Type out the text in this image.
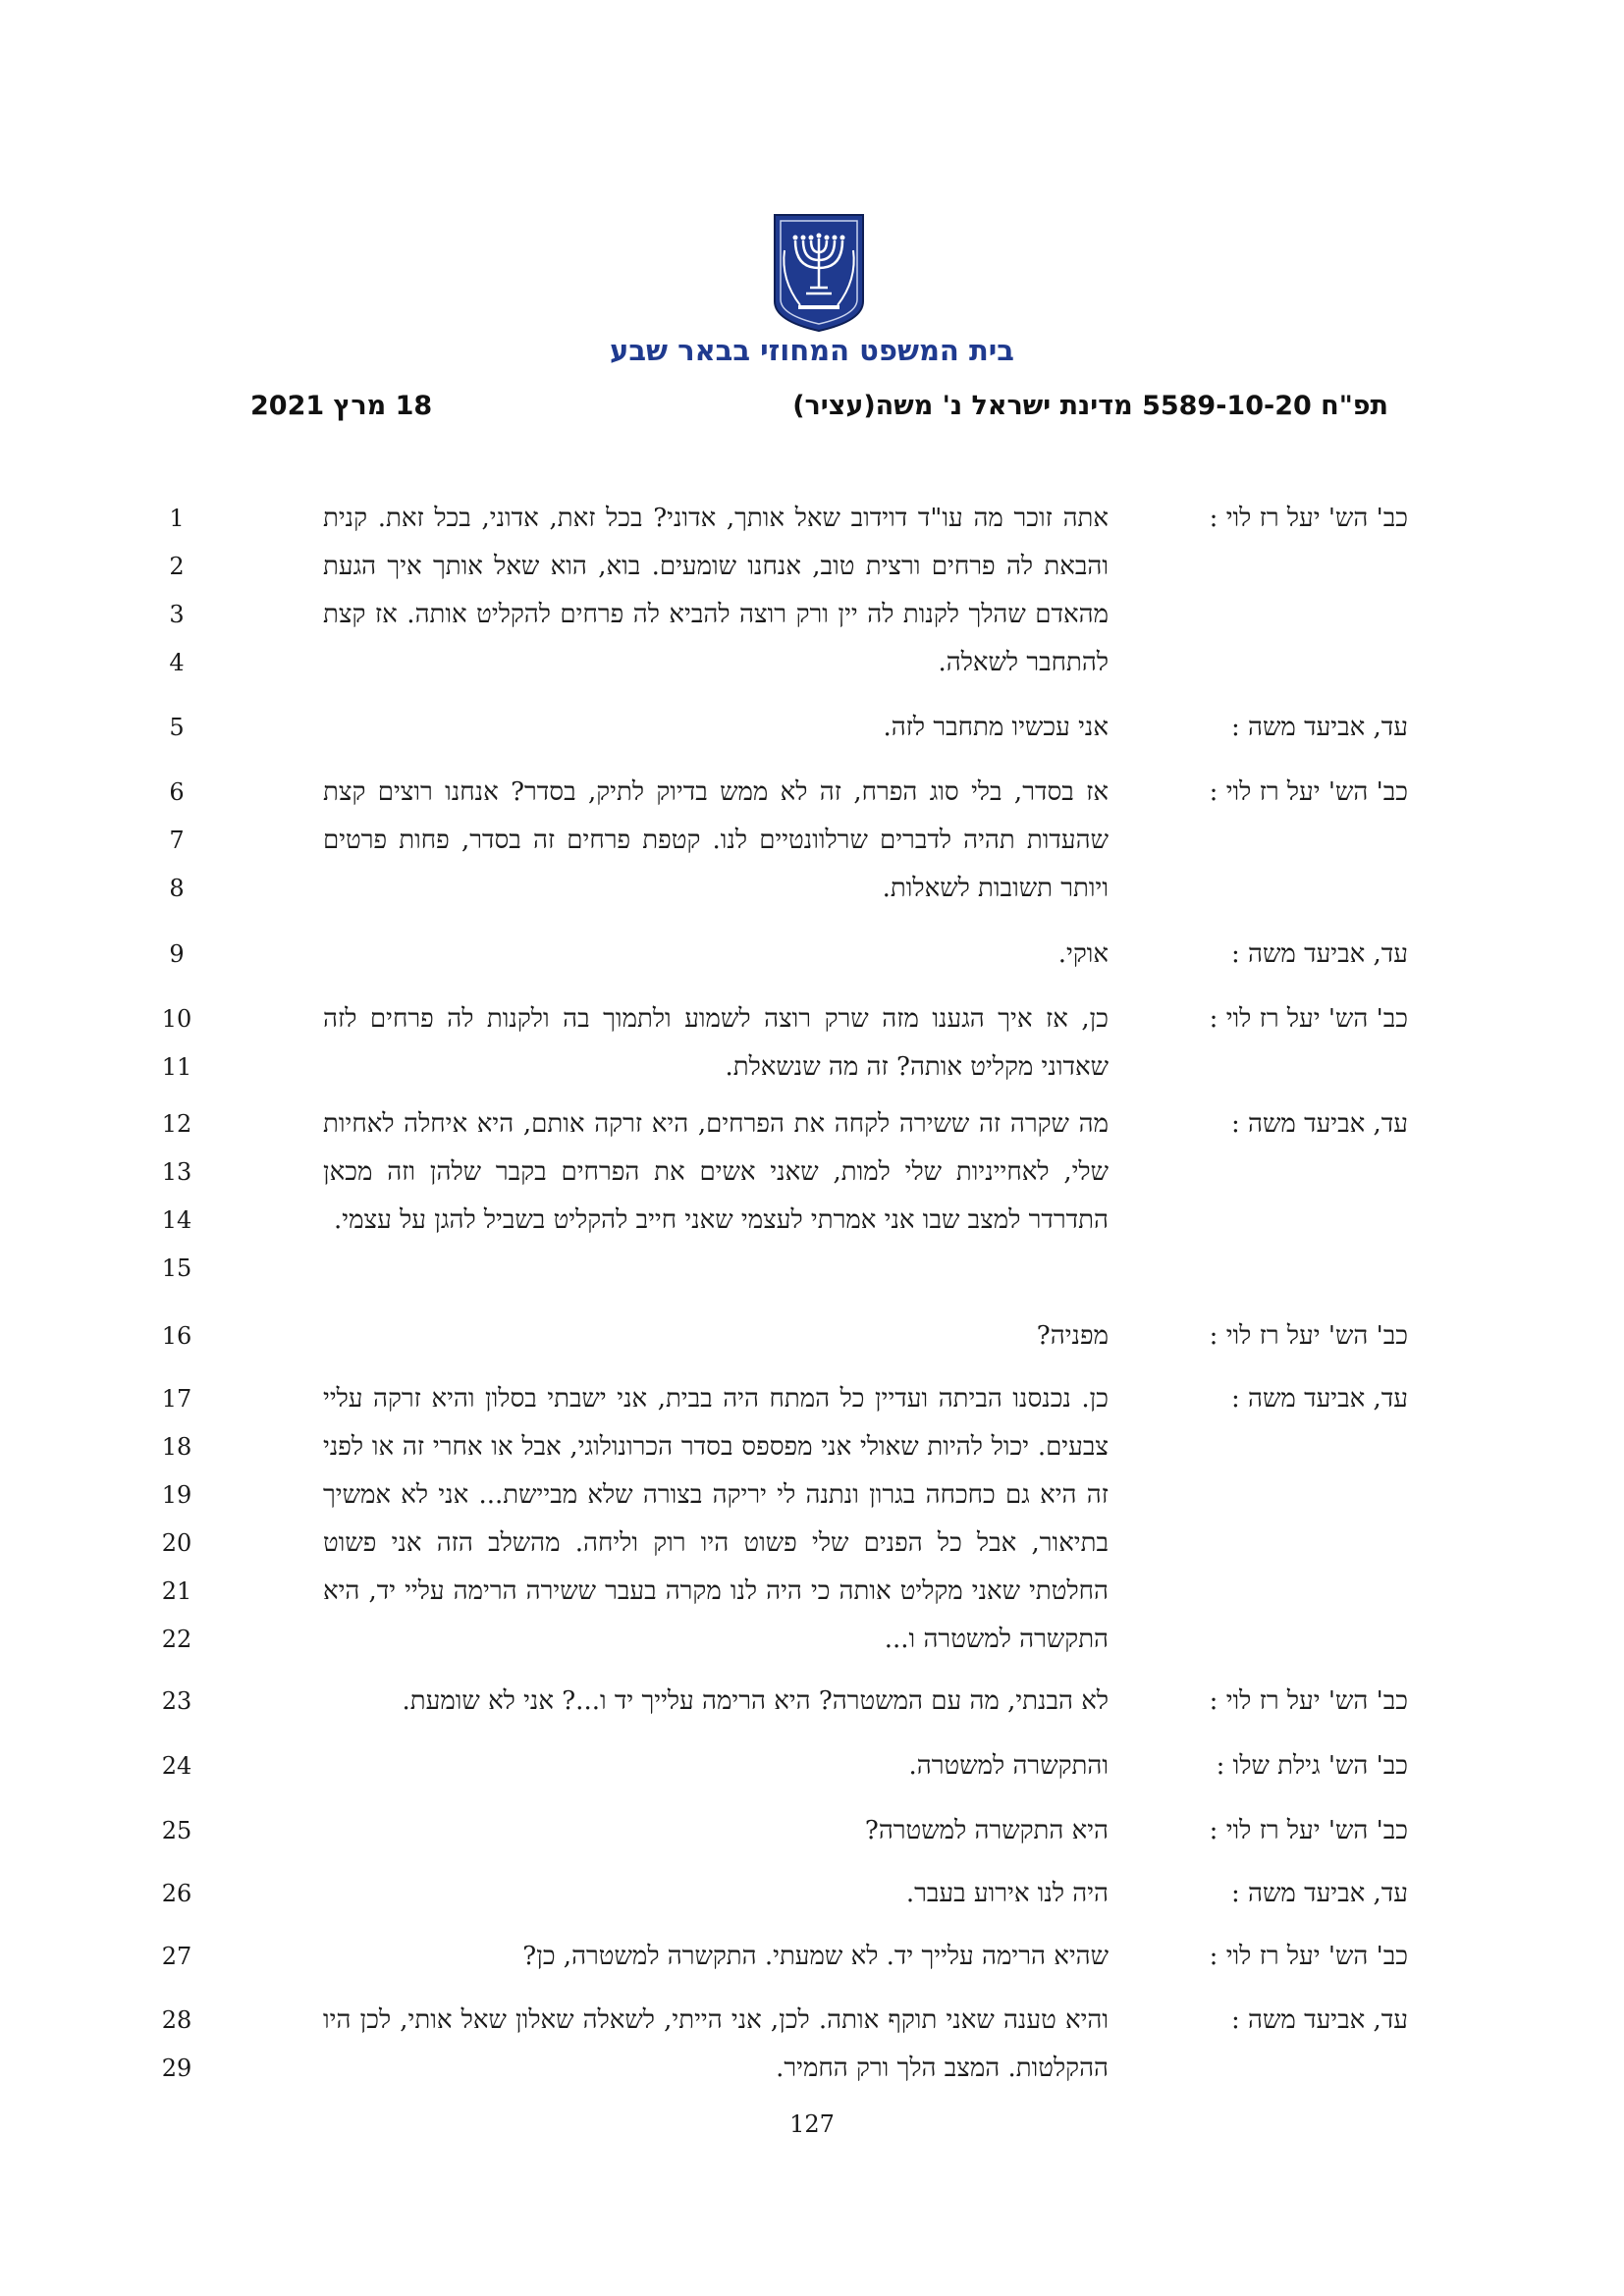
בית המשפט המחוזי בבאר שבע
תפ"ח 5589-10-20 מדינת ישראל נ' משה(עציר)
18 מרץ 2021
כב' הש' יעל רז לוי :
אתה זוכר מה עו"ד דוידוב שאל אותך, אדוני? בכל זאת, אדוני, בכל זאת. קנית והבאת לה פרחים ורצית טוב, אנחנו שומעים. בוא, הוא שאל אותך איך הגעת מהאדם שהלך לקנות לה יין ורק רוצה להביא לה פרחים להקליט אותה. אז קצת להתחבר לשאלה.
1
2
3
4
עד, אביעד משה :
אני עכשיו מתחבר לזה.
5
כב' הש' יעל רז לוי :
אז בסדר, בלי סוג הפרח, זה לא ממש בדיוק לתיק, בסדר? אנחנו רוצים קצת שהעדות תהיה לדברים שרלוונטיים לנו. קטפת פרחים זה בסדר, פחות פרטים ויותר תשובות לשאלות.
6
7
8
עד, אביעד משה :
אוקי.
9
כב' הש' יעל רז לוי :
כן, אז איך הגענו מזה שרק רוצה לשמוע ולתמוך בה ולקנות לה פרחים לזה שאדוני מקליט אותה? זה מה שנשאלת.
10
11
עד, אביעד משה :
מה שקרה זה ששירה לקחה את הפרחים, היא זרקה אותם, היא איחלה לאחיות שלי, לאחייניות שלי למות, שאני אשים את הפרחים בקבר שלהן וזה מכאן התדרדר למצב שבו אני אמרתי לעצמי שאני חייב להקליט בשביל להגן על עצמי.
12
13
14
15
כב' הש' יעל רז לוי :
מפניה?
16
עד, אביעד משה :
כן. נכנסנו הביתה ועדיין כל המתח היה בבית, אני ישבתי בסלון והיא זרקה עליי צבעים. יכול להיות שאולי אני מפספס בסדר הכרונולוגי, אבל או אחרי זה או לפני זה היא גם כחכחה בגרון ונתנה לי יריקה בצורה שלא מביישת... אני לא אמשיך בתיאור, אבל כל הפנים שלי פשוט היו רוק וליחה. מהשלב הזה אני פשוט החלטתי שאני מקליט אותה כי היה לנו מקרה בעבר ששירה הרימה עליי יד, היא התקשרה למשטרה ו...
17
18
19
20
21
22
כב' הש' יעל רז לוי :
לא הבנתי, מה עם המשטרה? היא הרימה עלייך יד ו...? אני לא שומעת.
23
כב' הש' גילת שלו :
והתקשרה למשטרה.
24
כב' הש' יעל רז לוי :
היא התקשרה למשטרה?
25
עד, אביעד משה :
היה לנו אירוע בעבר.
26
כב' הש' יעל רז לוי :
שהיא הרימה עלייך יד. לא שמעתי. התקשרה למשטרה, כן?
27
עד, אביעד משה :
והיא טענה שאני תוקף אותה. לכן, אני הייתי, לשאלה שאלון שאל אותי, לכן היו ההקלטות. המצב הלך ורק החמיר.
28
29
127
